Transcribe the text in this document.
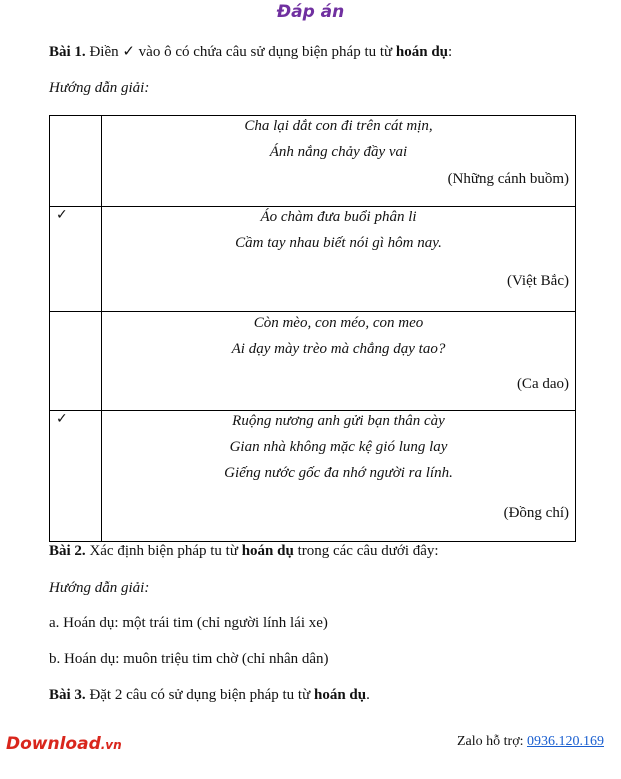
Đáp án
Bài 1. Điền ✓ vào ô có chứa câu sử dụng biện pháp tu từ hoán dụ:
Hướng dẫn giải:
Cha lại dắt con đi trên cát mịn,
Ánh nắng chảy đầy vai
(Những cánh buồm)
✓	Áo chàm đưa buổi phân li
Cầm tay nhau biết nói gì hôm nay.
(Việt Bắc)
Còn mèo, con méo, con meo
Ai dạy mày trèo mà chẳng dạy tao?
(Ca dao)
✓	Ruộng nương anh gửi bạn thân cày
Gian nhà không mặc kệ gió lung lay
Giếng nước gốc đa nhớ người ra lính.
(Đồng chí)
Bài 2. Xác định biện pháp tu từ hoán dụ trong các câu dưới đây:
Hướng dẫn giải:
a. Hoán dụ: một trái tim (chỉ người lính lái xe)
b. Hoán dụ: muôn triệu tim chờ (chỉ nhân dân)
Bài 3. Đặt 2 câu có sử dụng biện pháp tu từ hoán dụ.
Download.vn	Zalo hỗ trợ: 0936.120.169
